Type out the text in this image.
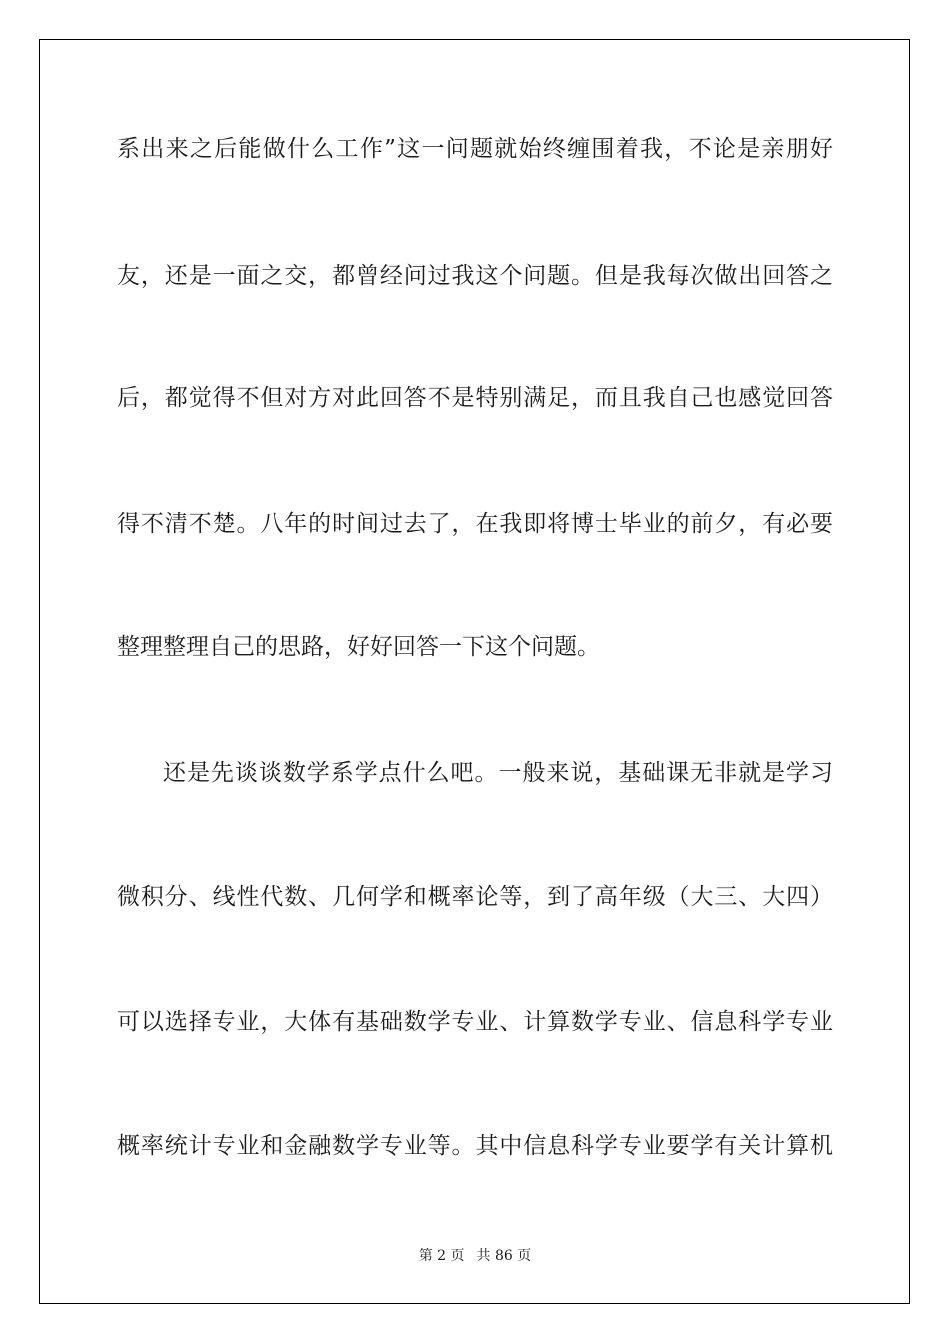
系出来之后能做什么工作”这一问题就始终缠围着我，不论是亲朋好

友，还是一面之交，都曾经问过我这个问题。但是我每次做出回答之

后，都觉得不但对方对此回答不是特别满足，而且我自己也感觉回答

得不清不楚。八年的时间过去了，在我即将博士毕业的前夕，有必要

整理整理自己的思路，好好回答一下这个问题。

还是先谈谈数学系学点什么吧。一般来说，基础课无非就是学习

微积分、线性代数、几何学和概率论等，到了高年级（大三、大四）

可以选择专业，大体有基础数学专业、计算数学专业、信息科学专业

概率统计专业和金融数学专业等。其中信息科学专业要学有关计算机

第 2 页 共 86 页
